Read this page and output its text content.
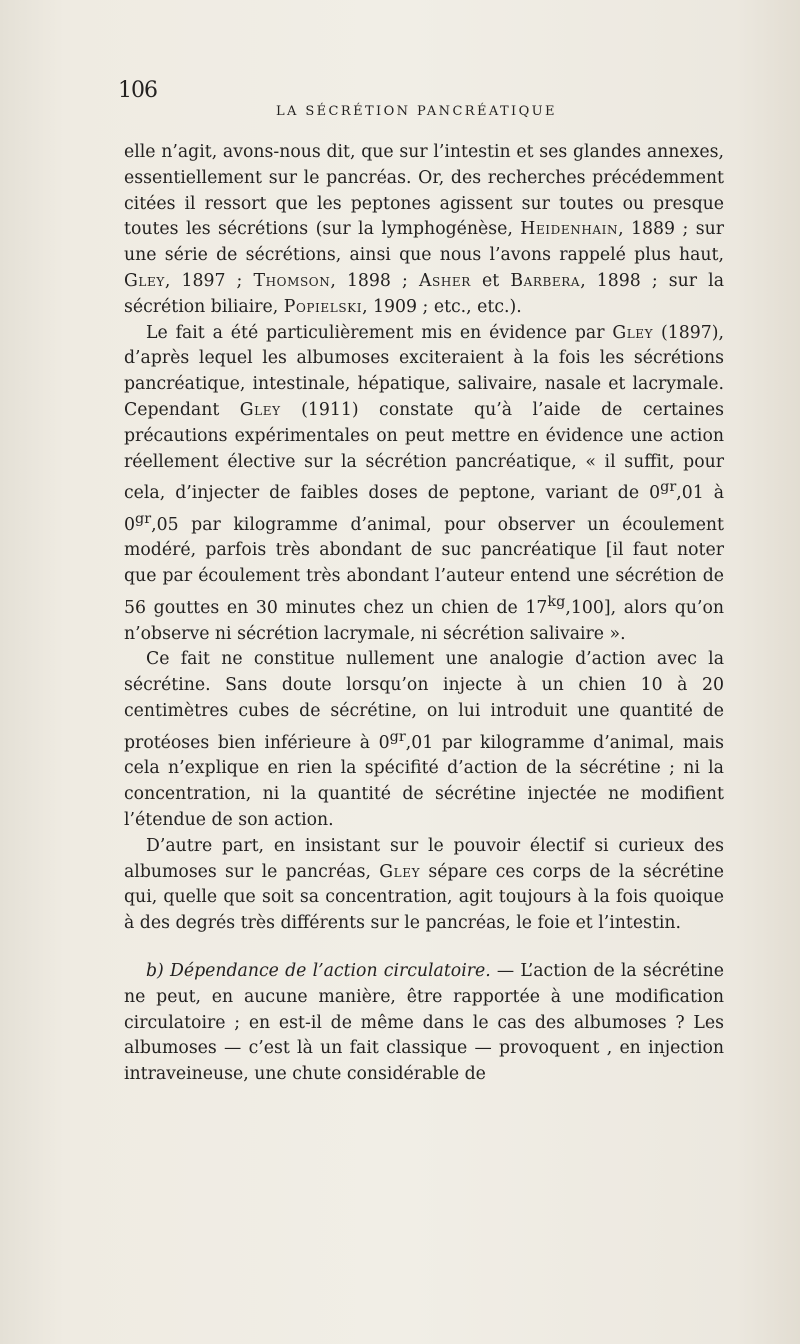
106
LA SÉCRÉTION PANCRÉATIQUE

elle n’agit, avons-nous dit, que sur l’intestin et ses glandes annexes, essentiellement sur le pancréas. Or, des recherches précédemment citées il ressort que les peptones agissent sur toutes ou presque toutes les sécrétions (sur la lymphogénèse, Heidenhain, 1889 ; sur une série de sécrétions, ainsi que nous l’avons rappelé plus haut, Gley, 1897 ; Thomson, 1898 ; Asher et Barbera, 1898 ; sur la sécrétion biliaire, Popielski, 1909 ; etc., etc.).

Le fait a été particulièrement mis en évidence par Gley (1897), d’après lequel les albumoses exciteraient à la fois les sécrétions pancréatique, intestinale, hépatique, salivaire, nasale et lacrymale. Cependant Gley (1911) constate qu’à l’aide de certaines précautions expérimentales on peut mettre en évidence une action réellement élective sur la sécrétion pancréatique, « il suffit, pour cela, d’injecter de faibles doses de peptone, variant de $0^{gr},01$ à $0^{gr},05$ par kilogramme d’animal, pour observer un écoulement modéré, parfois très abondant de suc pancréatique [il faut noter que par écoulement très abondant l’auteur entend une sécrétion de 56 gouttes en 30 minutes chez un chien de $17^{kg},100$], alors qu’on n’observe ni sécrétion lacrymale, ni sécrétion salivaire ».

Ce fait ne constitue nullement une analogie d’action avec la sécrétine. Sans doute lorsqu’on injecte à un chien 10 à 20 centimètres cubes de sécrétine, on lui introduit une quantité de protéoses bien inférieure à $0^{gr},01$ par kilogramme d’animal, mais cela n’explique en rien la spécifité d’action de la sécrétine ; ni la concentration, ni la quantité de sécrétine injectée ne modifient l’étendue de son action.

D’autre part, en insistant sur le pouvoir électif si curieux des albumoses sur le pancréas, Gley sépare ces corps de la sécrétine qui, quelle que soit sa concentration, agit toujours à la fois quoique à des degrés très différents sur le pancréas, le foie et l’intestin.

b) Dépendance de l’action circulatoire. — L’action de la sécrétine ne peut, en aucune manière, être rapportée à une modification circulatoire ; en est-il de même dans le cas des albumoses ? Les albumoses — c’est là un fait classique — provoquent , en injection intraveineuse, une chute considérable de
